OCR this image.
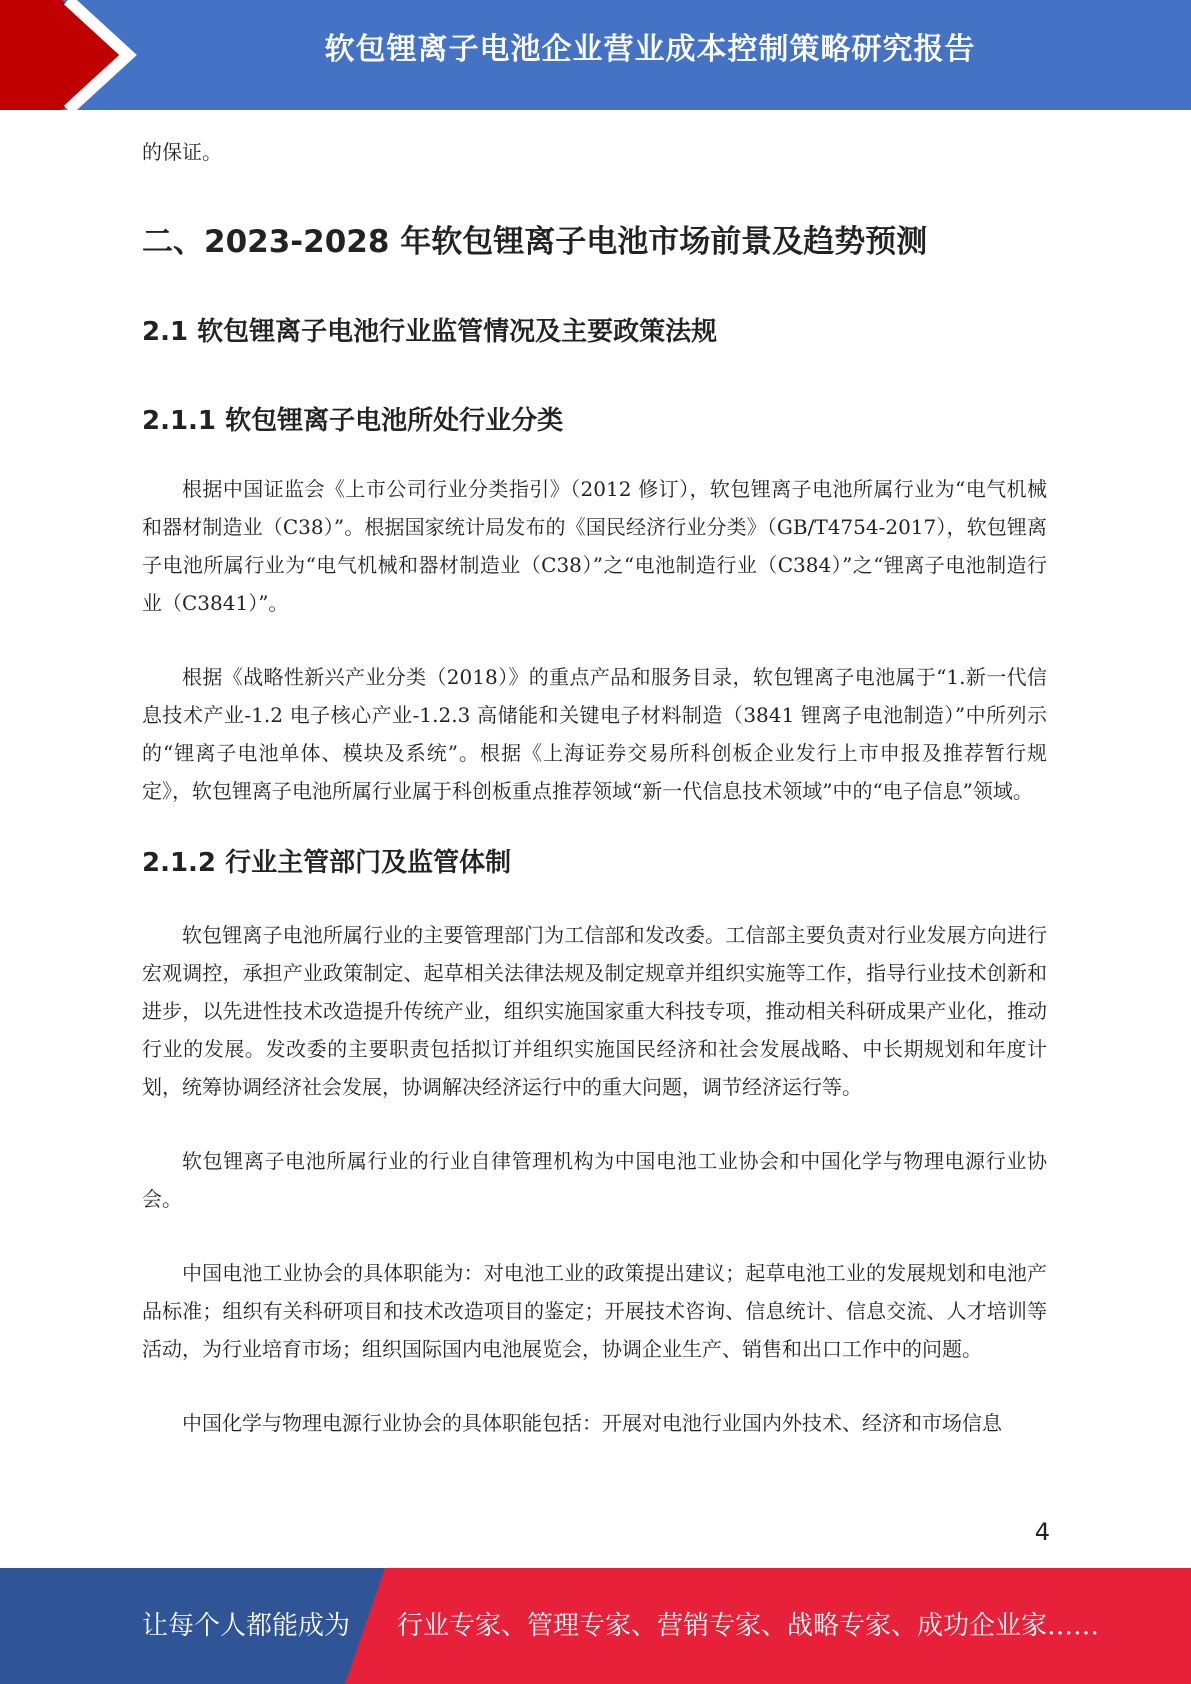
软包锂离子电池企业营业成本控制策略研究报告

的保证。

二、2023-2028 年软包锂离子电池市场前景及趋势预测
2.1 软包锂离子电池行业监管情况及主要政策法规
2.1.1 软包锂离子电池所处行业分类

根据中国证监会《上市公司行业分类指引》（2012 修订），软包锂离子电池所属行业为“电气机械和器材制造业（C38）”。根据国家统计局发布的《国民经济行业分类》（GB/T4754-2017），软包锂离子电池所属行业为“电气机械和器材制造业（C38）”之“电池制造行业（C384）”之“锂离子电池制造行业（C3841）”。

根据《战略性新兴产业分类（2018）》的重点产品和服务目录，软包锂离子电池属于“1.新一代信息技术产业-1.2 电子核心产业-1.2.3 高储能和关键电子材料制造（3841 锂离子电池制造）”中所列示的“锂离子电池单体、模块及系统”。根据《上海证券交易所科创板企业发行上市申报及推荐暂行规定》，软包锂离子电池所属行业属于科创板重点推荐领域“新一代信息技术领域”中的“电子信息”领域。

2.1.2 行业主管部门及监管体制

软包锂离子电池所属行业的主要管理部门为工信部和发改委。工信部主要负责对行业发展方向进行宏观调控，承担产业政策制定、起草相关法律法规及制定规章并组织实施等工作，指导行业技术创新和进步，以先进性技术改造提升传统产业，组织实施国家重大科技专项，推动相关科研成果产业化，推动行业的发展。发改委的主要职责包括拟订并组织实施国民经济和社会发展战略、中长期规划和年度计划，统筹协调经济社会发展，协调解决经济运行中的重大问题，调节经济运行等。

软包锂离子电池所属行业的行业自律管理机构为中国电池工业协会和中国化学与物理电源行业协会。

中国电池工业协会的具体职能为：对电池工业的政策提出建议；起草电池工业的发展规划和电池产品标准；组织有关科研项目和技术改造项目的鉴定；开展技术咨询、信息统计、信息交流、人才培训等活动，为行业培育市场；组织国际国内电池展览会，协调企业生产、销售和出口工作中的问题。

中国化学与物理电源行业协会的具体职能包括：开展对电池行业国内外技术、经济和市场信息

4
让每个人都能成为 行业专家、管理专家、营销专家、战略专家、成功企业家……
